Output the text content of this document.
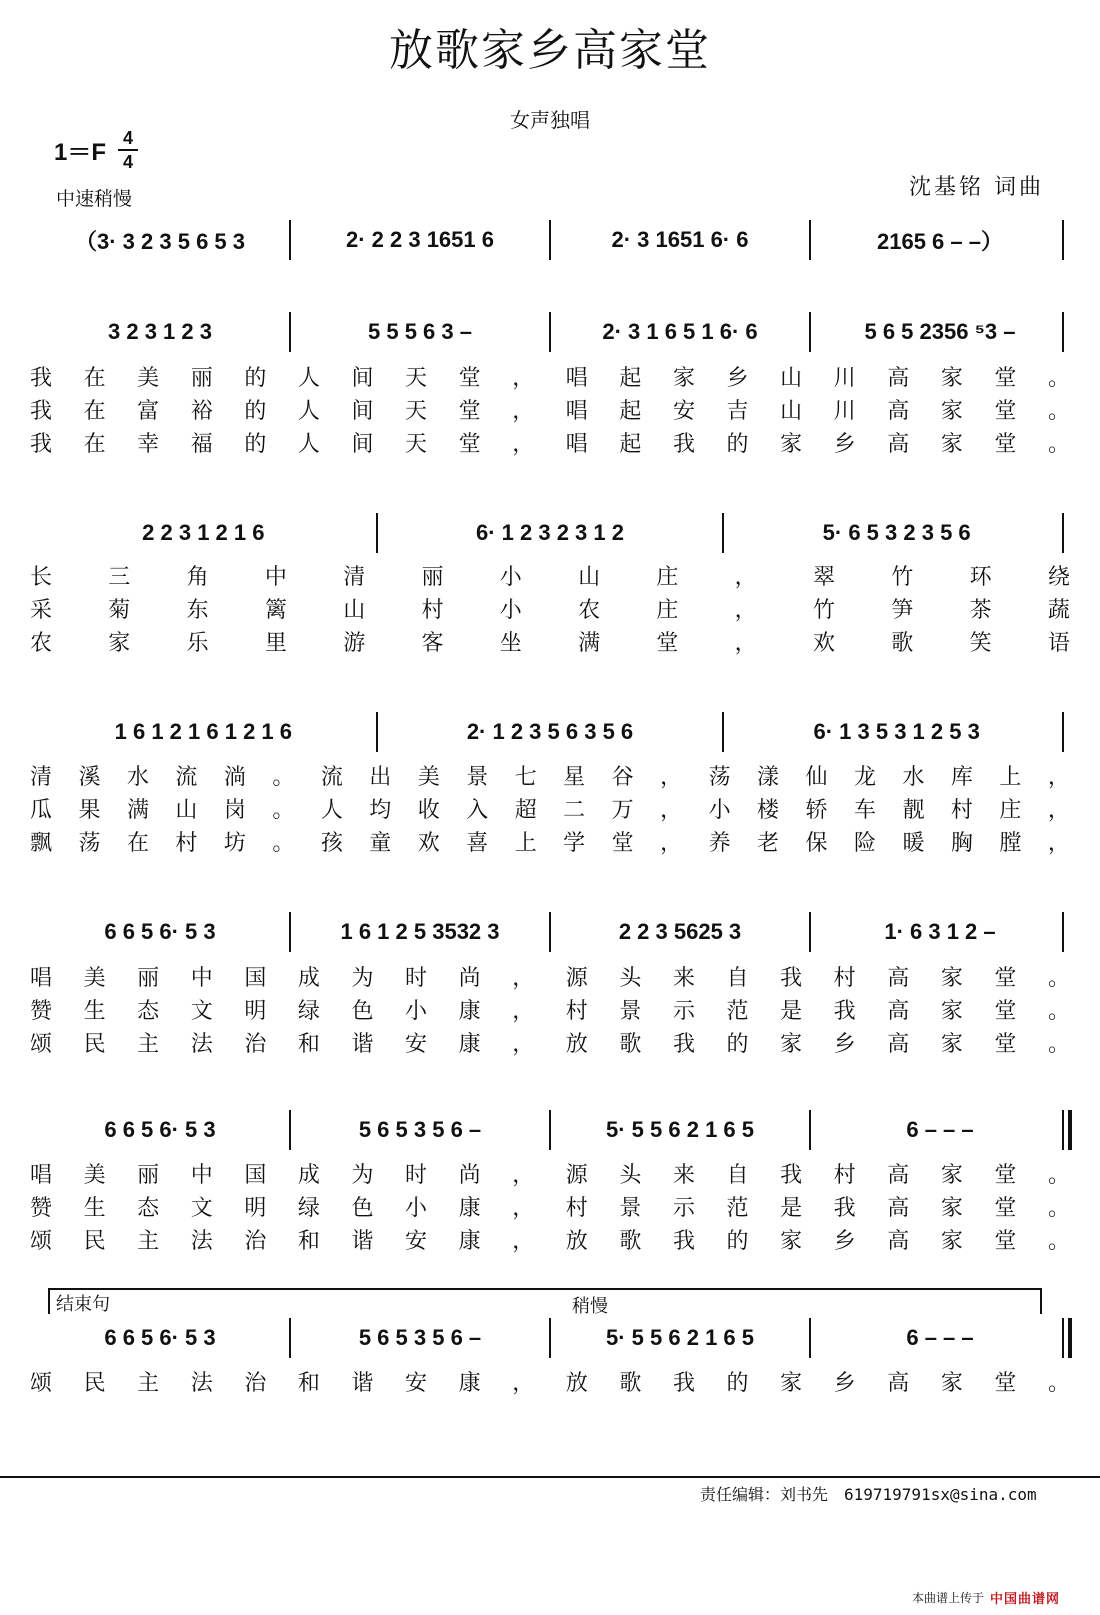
放歌家乡高家堂
女声独唱
1＝F
4
4
中速稍慢	沈基铭 词曲
（3· 3 2 3 5 6 5 3	2· 2 2 3 1651 6	2· 3 1651 6· 6	2165 6 – –）
3 2 3 1 2 3	5 5 5 6 3 –	2· 3 1 6 5 1 6· 6	5 6 5 2356 ⁵3 –
2 2 3 1 2 1 6	6· 1 2 3 2 3 1 2	5· 6 5 3 2 3 5 6
1 6 1 2 1 6 1 2 1 6	2· 1 2 3 5 6 3 5 6	6· 1 3 5 3 1 2 5 3
6 6 5 6· 5 3	1 6 1 2 5 3532 3	2 2 3 5625 3	1· 6 3 1 2 –
6 6 5 6· 5 3	5 6 5 3 5 6 –	5· 5 5 6 2 1 6 5	6 – – –
6 6 5 6· 5 3	5 6 5 3 5 6 –	5· 5 5 6 2 1 6 5	6 – – –
我 在 美 丽 的 人 间 天 堂 ， 唱 起 家 乡 山 川 高 家 堂 。
我 在 富 裕 的 人 间 天 堂 ， 唱 起 安 吉 山 川 高 家 堂 。
我 在 幸 福 的 人 间 天 堂 ， 唱 起 我 的 家 乡 高 家 堂 。
长	三	角	中	清	丽	小	山	庄	，	翠	竹	环	绕
采	菊	东	篱	山	村	小	农	庄	，	竹	笋	茶	蔬
农	家	乐	里	游	客	坐	满	堂	，	欢	歌	笑	语
清 溪 水 流 淌 。 流 出 美 景 七 星 谷 ， 荡 漾 仙 龙 水 库 上 ，
瓜 果 满 山 岗 。 人 均 收 入 超 二 万 ， 小 楼 轿 车 靓 村 庄 ，
飘 荡 在 村 坊 。 孩 童 欢 喜 上 学 堂 ， 养 老 保 险 暖 胸 膛 ，
唱 美 丽 中 国 成 为 时 尚 ， 源 头 来 自 我 村 高 家 堂 。
赞 生 态 文 明 绿 色 小 康 ， 村 景 示 范 是 我 高 家 堂 。
颂 民 主 法 治 和 谐 安 康 ， 放 歌 我 的 家 乡 高 家 堂 。
唱 美 丽 中 国 成 为 时 尚 ， 源 头 来 自 我 村 高 家 堂 。
赞 生 态 文 明 绿 色 小 康 ， 村 景 示 范 是 我 高 家 堂 。
颂 民 主 法 治 和 谐 安 康 ， 放 歌 我 的 家 乡 高 家 堂 。
颂 民 主 法 治 和 谐 安 康 ， 放 歌 我 的 家 乡 高 家 堂 。
结束句	稍慢
责任编辑：刘书先　619719791sx@sina.com
本曲谱上传于 中国曲谱网
